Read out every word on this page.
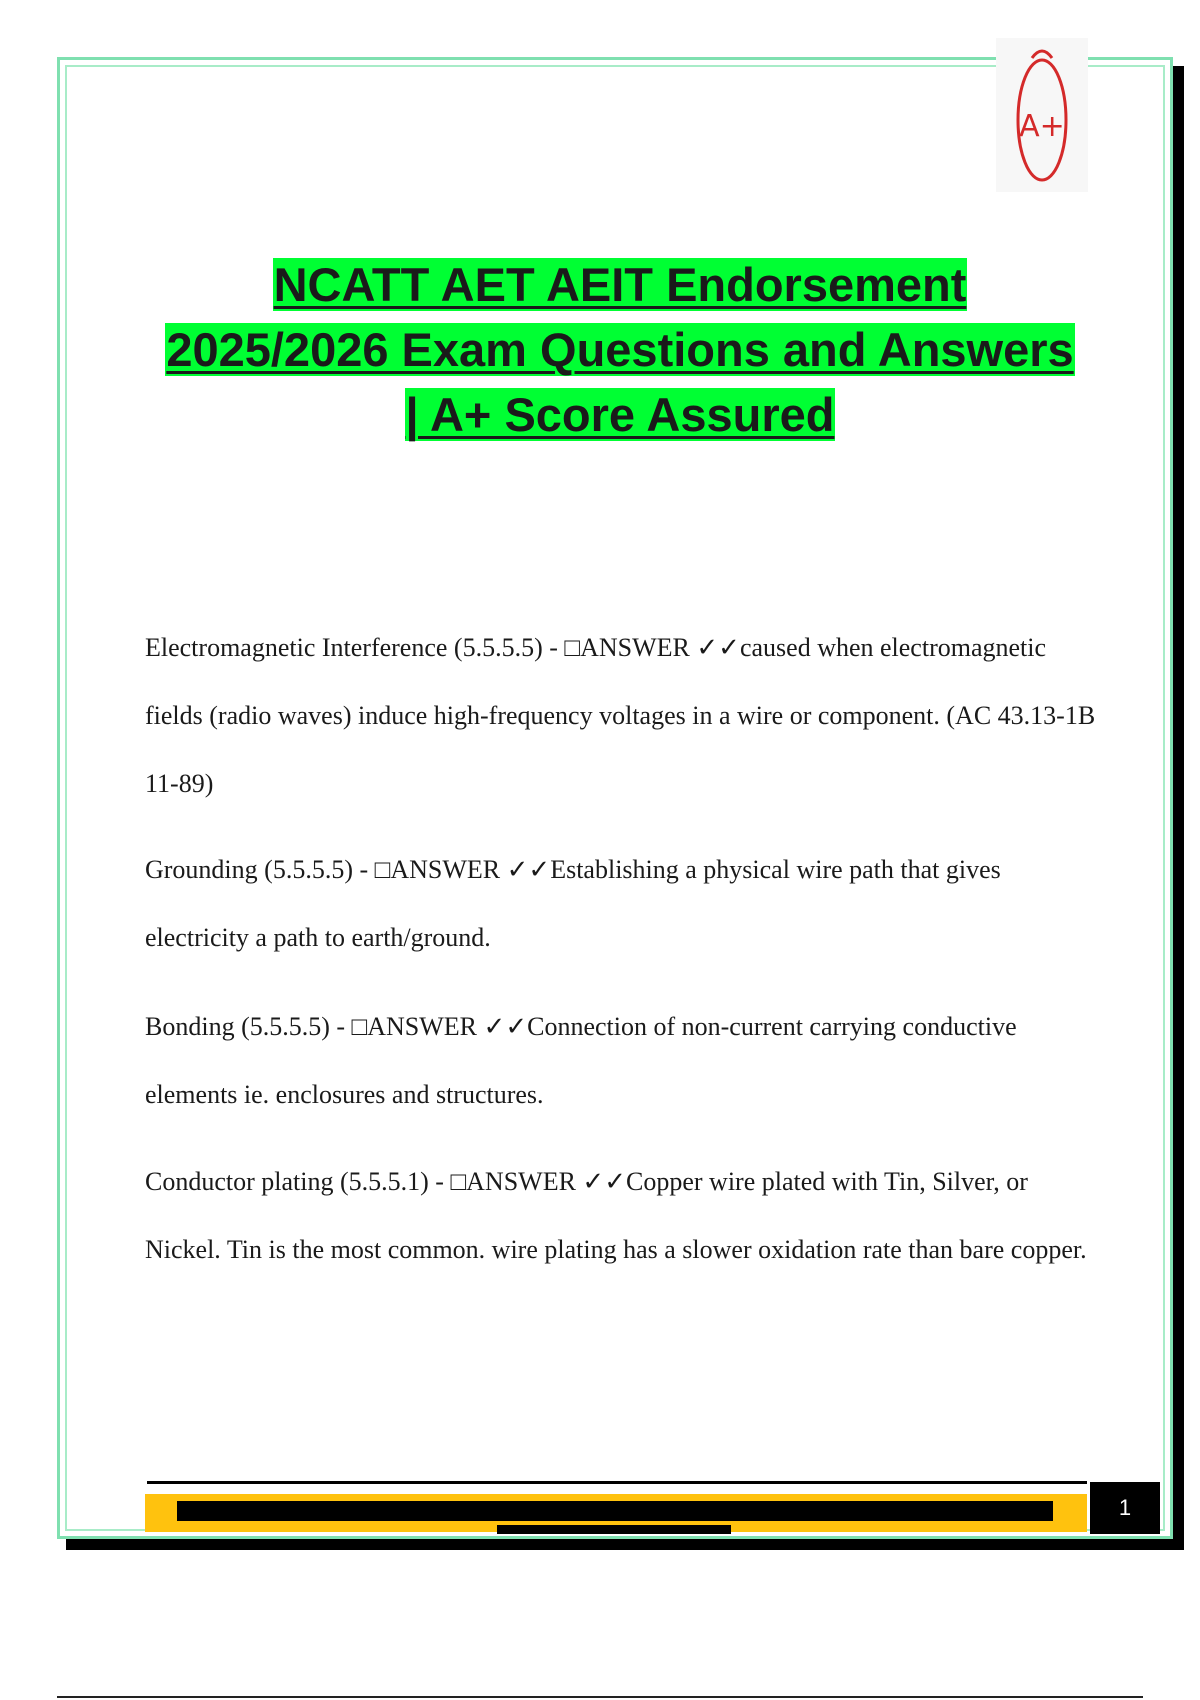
A+
NCATT AET AEIT Endorsement
2025/2026 Exam Questions and Answers
| A+ Score Assured

Electromagnetic Interference (5.5.5.5) - □ANSWER ✓✓caused when electromagnetic fields (radio waves) induce high-frequency voltages in a wire or component. (AC 43.13-1B 11-89)

Grounding (5.5.5.5) - □ANSWER ✓✓Establishing a physical wire path that gives electricity a path to earth/ground.

Bonding (5.5.5.5) - □ANSWER ✓✓Connection of non-current carrying conductive elements ie. enclosures and structures.

Conductor plating (5.5.5.1) - □ANSWER ✓✓Copper wire plated with Tin, Silver, or Nickel. Tin is the most common. wire plating has a slower oxidation rate than bare copper.

1
